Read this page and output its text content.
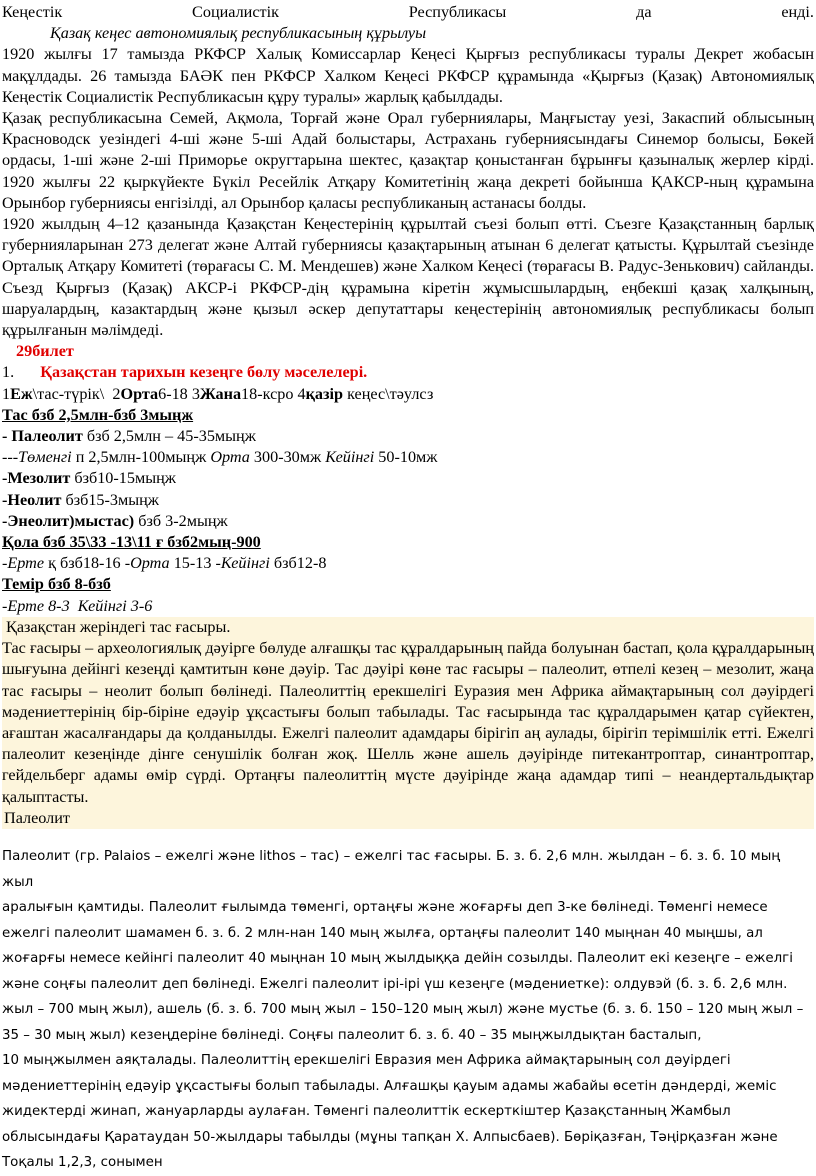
Кеңестік	Социалистік	Республикасы	да	енді.
Қазақ кеңес автономиялық республикасының құрылуы

1920 жылғы 17 тамызда РКФСР Халық Комиссарлар Кеңесі Қырғыз республикасы туралы Декрет жобасын мақұлдады. 26 тамызда БАӘК пен РКФСР Халком Кеңесі РКФСР құрамында «Қырғыз (Қазақ) Автономиялық Кеңестік Социалистік Республикасын құру туралы» жарлық қабылдады.

Қазақ республикасына Семей, Ақмола, Торғай және Орал губерниялары, Маңғыстау уезі, Закаспий облысының Красноводск уезіндегі 4-ші және 5-ші Адай болыстары, Астрахань губерниясындағы Синемор болысы, Бөкей ордасы, 1-ші және 2-ші Приморье округтарына шектес, қазақтар қоныстанған бұрынғы қазыналық жерлер кірді. 1920 жылғы 22 қыркүйекте Бүкіл Ресейлік Атқару Комитетінің жаңа декреті бойынша ҚАКСР-ның құрамына Орынбор губерниясы енгізілді, ал Орынбор қаласы республиканың астанасы болды.

1920 жылдың 4–12 қазанында Қазақстан Кеңестерінің құрылтай съезі болып өтті. Съезге Қазақстанның барлық губернияларынан 273 делегат және Алтай губерниясы қазақтарының атынан 6 делегат қатысты. Құрылтай съезінде Орталық Атқару Комитеті (төрағасы С. М. Мендешев) және Халком Кеңесі (төрағасы В. Радус-Зенькович) сайланды. Съезд Қырғыз (Қазақ) АКСР-і РКФСР-дің құрамына кіретін жұмысшылардың, еңбекші қазақ халқының, шаруалардың, казактардың және қызыл әскер депутаттары кеңестерінің автономиялық республикасы болып құрылғанын мәлімдеді.

29билет
1. Қазақстан тарихын кезеңге бөлу мәселелері.
1Еж\тас-түрік\  2Орта6-18 3Жана18-ксро 4қазір кеңес\тәулсз
Тас бзб 2,5млн-бзб 3мыңж
- Палеолит бзб 2,5млн – 45-35мыңж
---Төменгі п 2,5млн-100мыңж Орта 300-30мж Кейінгі 50-10мж
-Мезолит бзб10-15мыңж
-Неолит бзб15-3мыңж
-Энеолит)мыстас) бзб 3-2мыңж
Қола бзб 35\33 -13\11 ғ бзб2мың-900
-Ерте қ бзб18-16 -Орта 15-13 -Кейінгі бзб12-8
Темір бзб 8-бзб
-Ерте 8-3  Кейінгі 3-6
Қазақстан жеріндегі тас ғасыры.

Тас ғасыры – археологиялық дәуірге бөлуде алғашқы тас құралдарының пайда болуынан бастап, қола құралдарының шығуына дейінгі кезеңді қамтитын көне дәуір. Тас дәуірі көне тас ғасыры – палеолит, өтпелі кезең – мезолит, жаңа тас ғасыры – неолит болып бөлінеді. Палеолиттің ерекшелігі Еуразия мен Африка аймақтарының сол дәуірдегі мәдениеттерінің бір-біріне едәуір ұқсастығы болып табылады. Тас ғасырында тас құралдарымен қатар сүйектен, ағаштан жасалғандары да қолданылды. Ежелгі палеолит адамдары бірігіп аң аулады, бірігіп терімшілік етті. Ежелгі палеолит кезеңінде дінге сенушілік болған жоқ. Шелль және ашель дәуірінде питекантроптар, синантроптар, гейдельберг адамы өмір сүрді. Ортаңғы палеолиттің мүсте дәуірінде жаңа адамдар типі – неандертальдықтар қалыптасты.

Палеолит
Палеолит (гр. Palaios – ежелгі және lithos – тас) – ежелгі тас ғасыры. Б. з. б. 2,6 млн. жылдан – б. з. б. 10 мың жыл
аралығын қамтиды. Палеолит ғылымда төменгі, ортаңғы және жоғарғы деп 3-ке бөлінеді. Төменгі немесе
ежелгі палеолит шамамен б. з. б. 2 млн-нан 140 мың жылға, ортаңғы палеолит 140 мыңнан 40 мыңшы, ал
жоғарғы немесе кейінгі палеолит 40 мыңнан 10 мың жылдыққа дейін созылды. Палеолит екі кезеңге – ежелгі
және соңғы палеолит деп бөлінеді. Ежелгі палеолит ірі-ірі үш кезеңге (мәдениетке): олдувэй (б. з. б. 2,6 млн.
жыл – 700 мың жыл), ашель (б. з. б. 700 мың жыл – 150–120 мың жыл) және мустье (б. з. б. 150 – 120 мың жыл –
35 – 30 мың жыл) кезеңдеріне бөлінеді. Соңғы палеолит б. з. б. 40 – 35 мыңжылдықтан басталып,
10 мыңжылмен аяқталады. Палеолиттің ерекшелігі Евразия мен Африка аймақтарының сол дәуірдегі
мәдениеттерінің едәуір ұқсастығы болып табылады. Алғашқы қауым адамы жабайы өсетін дәндерді, жеміс
жидектерді жинап, жануарларды аулаған. Төменгі палеолиттік ескерткіштер Қазақстанның Жамбыл
облысындағы Қаратаудан 50-жылдары табылды (мұны тапқан Х. Алпысбаев). Бөріқазған, Тәңірқазған және
Тоқалы 1,2,3, сонымен
